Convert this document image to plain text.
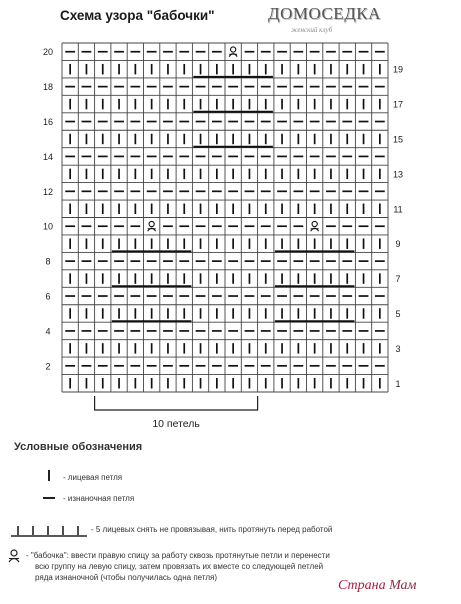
Схема узора "бабочки"	ДОМОСЕДКА
женский клуб
20
18
16
14
12
10
8
6
4
2
19
17
15
13
11
9
7
5
3
1
10 петель
Условные обозначения
- лицевая петля
- изнаночная петля
- 5 лицевых снять не провязывая, нить протянуть перед работой
- "бабочка": ввести правую спицу за работу сквозь протянутые петли и перенести
всю группу на левую спицу, затем провязать их вместе со следующей петлей
ряда изнаночной (чтобы получилась одна петля)
Страна Мам
